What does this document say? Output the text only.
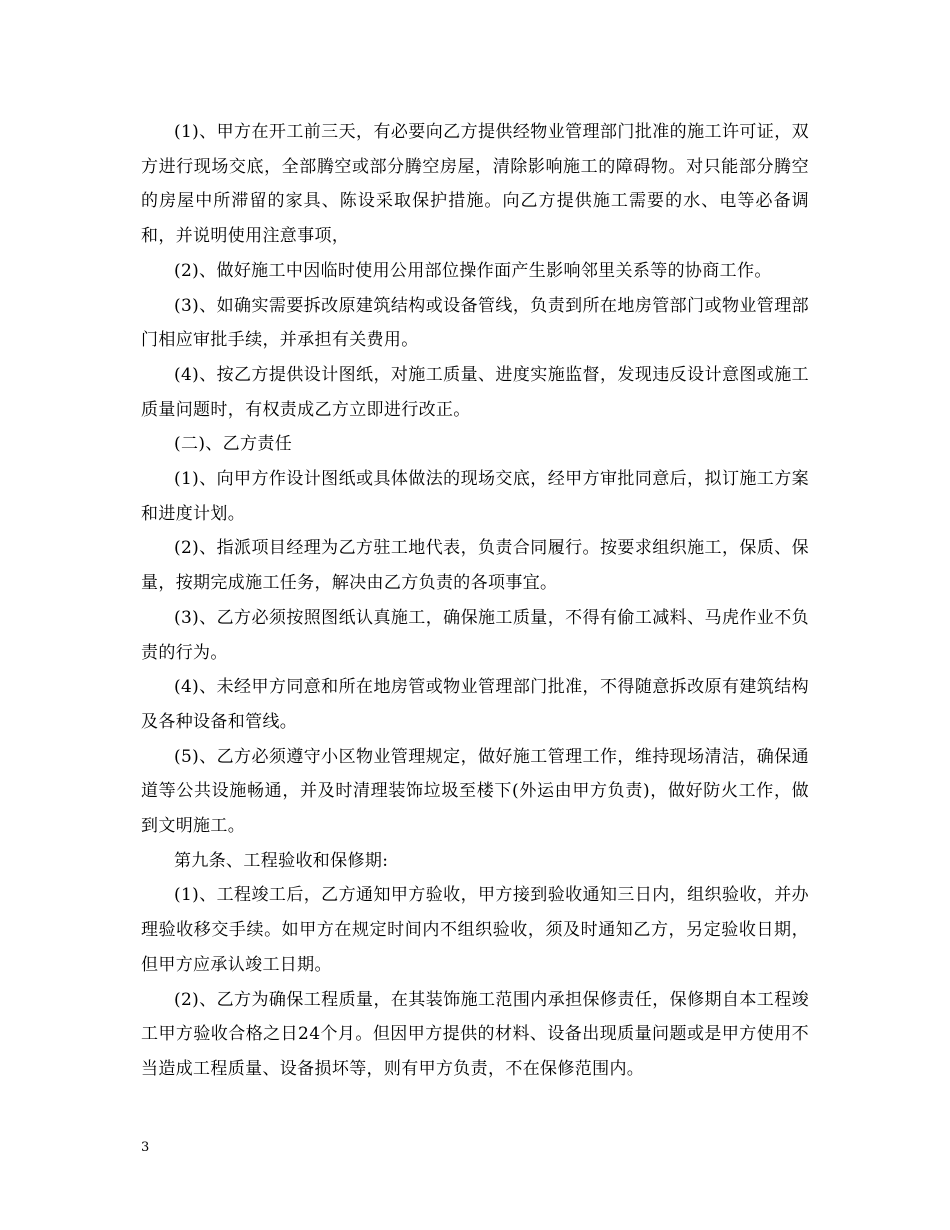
(1)、甲方在开工前三天，有必要向乙方提供经物业管理部门批准的施工许可证，双方进行现场交底，全部腾空或部分腾空房屋，清除影响施工的障碍物。对只能部分腾空的房屋中所滞留的家具、陈设采取保护措施。向乙方提供施工需要的水、电等必备调和，并说明使用注意事项，

(2)、做好施工中因临时使用公用部位操作面产生影响邻里关系等的协商工作。

(3)、如确实需要拆改原建筑结构或设备管线，负责到所在地房管部门或物业管理部门相应审批手续，并承担有关费用。

(4)、按乙方提供设计图纸，对施工质量、进度实施监督，发现违反设计意图或施工质量问题时，有权责成乙方立即进行改正。

(二)、乙方责任

(1)、向甲方作设计图纸或具体做法的现场交底，经甲方审批同意后，拟订施工方案和进度计划。

(2)、指派项目经理为乙方驻工地代表，负责合同履行。按要求组织施工，保质、保量，按期完成施工任务，解决由乙方负责的各项事宜。

(3)、乙方必须按照图纸认真施工，确保施工质量，不得有偷工减料、马虎作业不负责的行为。

(4)、未经甲方同意和所在地房管或物业管理部门批准，不得随意拆改原有建筑结构及各种设备和管线。

(5)、乙方必须遵守小区物业管理规定，做好施工管理工作，维持现场清洁，确保通道等公共设施畅通，并及时清理装饰垃圾至楼下(外运由甲方负责)，做好防火工作，做到文明施工。

第九条、工程验收和保修期:

(1)、工程竣工后，乙方通知甲方验收，甲方接到验收通知三日内，组织验收，并办理验收移交手续。如甲方在规定时间内不组织验收，须及时通知乙方，另定验收日期，但甲方应承认竣工日期。

(2)、乙方为确保工程质量，在其装饰施工范围内承担保修责任，保修期自本工程竣工甲方验收合格之日24个月。但因甲方提供的材料、设备出现质量问题或是甲方使用不当造成工程质量、设备损坏等，则有甲方负责，不在保修范围内。

3
